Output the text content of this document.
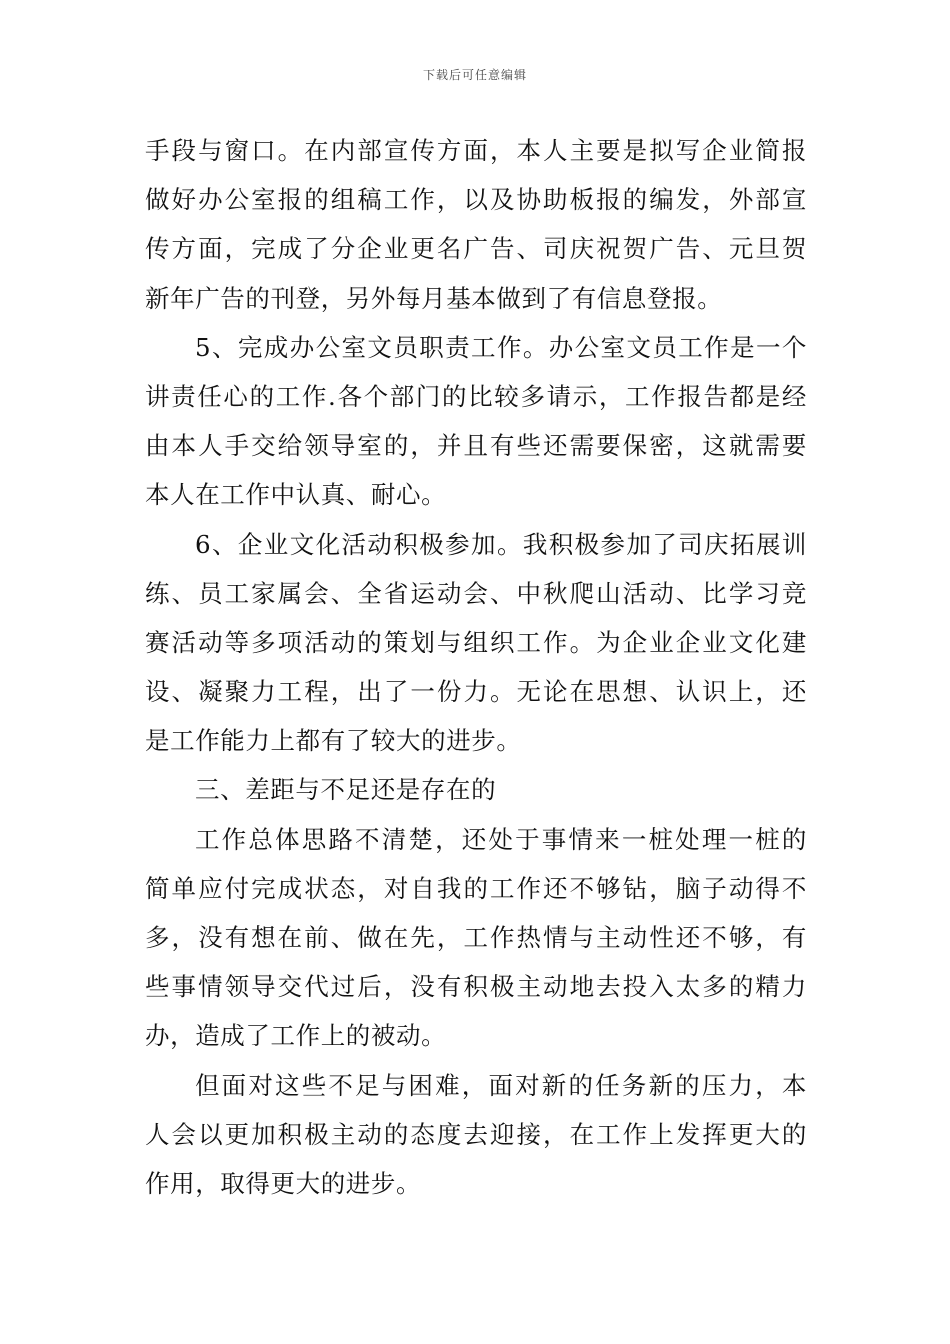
下载后可任意编辑
手段与窗口。在内部宣传方面，本人主要是拟写企业简报
做好办公室报的组稿工作，以及协助板报的编发，外部宣
传方面，完成了分企业更名广告、司庆祝贺广告、元旦贺
新年广告的刊登，另外每月基本做到了有信息登报。
5、完成办公室文员职责工作。办公室文员工作是一个
讲责任心的工作.各个部门的比较多请示，工作报告都是经
由本人手交给领导室的，并且有些还需要保密，这就需要
本人在工作中认真、耐心。
6、企业文化活动积极参加。我积极参加了司庆拓展训
练、员工家属会、全省运动会、中秋爬山活动、比学习竞
赛活动等多项活动的策划与组织工作。为企业企业文化建
设、凝聚力工程，出了一份力。无论在思想、认识上，还
是工作能力上都有了较大的进步。
三、差距与不足还是存在的
工作总体思路不清楚，还处于事情来一桩处理一桩的
简单应付完成状态，对自我的工作还不够钻，脑子动得不
多，没有想在前、做在先，工作热情与主动性还不够，有
些事情领导交代过后，没有积极主动地去投入太多的精力
办，造成了工作上的被动。
但面对这些不足与困难，面对新的任务新的压力，本
人会以更加积极主动的态度去迎接，在工作上发挥更大的
作用，取得更大的进步。
